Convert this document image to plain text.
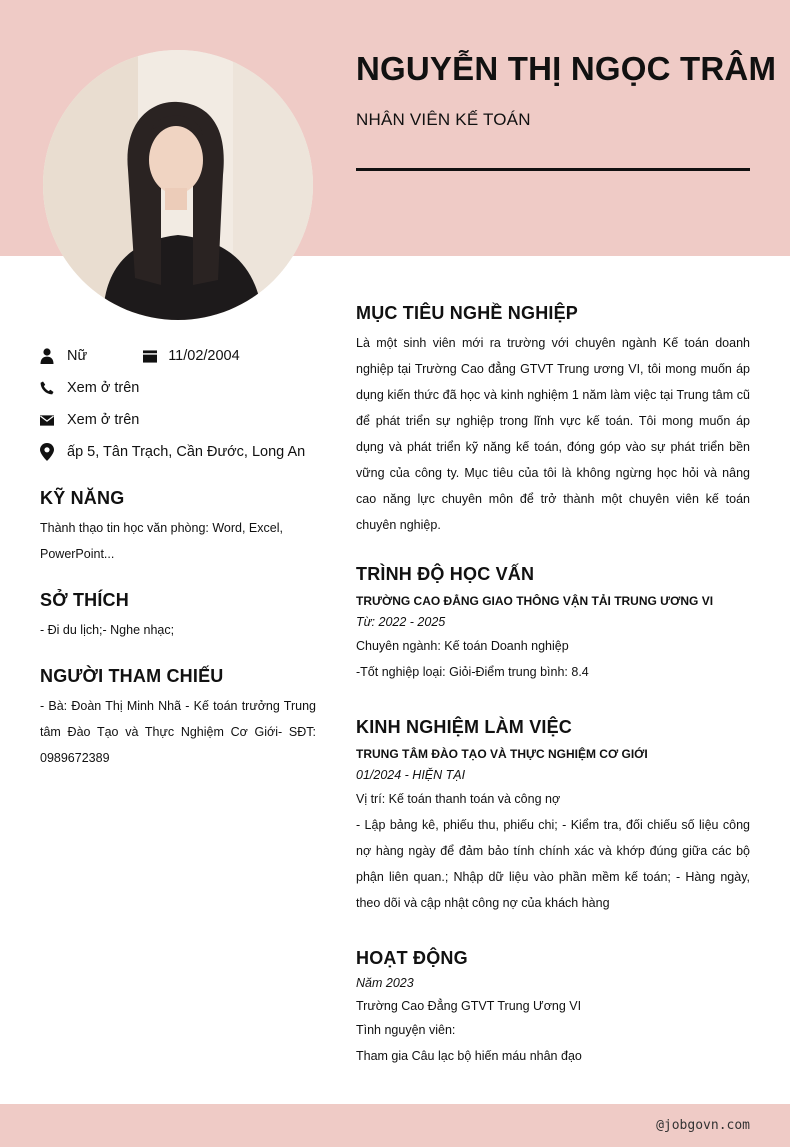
NGUYỄN THỊ NGỌC TRÂM
NHÂN VIÊN KẾ TOÁN
Nữ	11/02/2004
Xem ở trên
Xem ở trên
ấp 5, Tân Trạch, Cần Đước, Long An
KỸ NĂNG
Thành thạo tin học văn phòng: Word, Excel, PowerPoint...
SỞ THÍCH
- Đi du lịch;- Nghe nhạc;
NGƯỜI THAM CHIẾU
- Bà: Đoàn Thị Minh Nhã - Kế toán trưởng Trung tâm Đào Tạo và Thực Nghiệm Cơ Giới- SĐT: 0989672389
MỤC TIÊU NGHỀ NGHIỆP
Là một sinh viên mới ra trường với chuyên ngành Kế toán doanh nghiệp tại Trường Cao đẳng GTVT Trung ương VI, tôi mong muốn áp dụng kiến thức đã học và kinh nghiệm 1 năm làm việc tại Trung tâm cũ để phát triển sự nghiệp trong lĩnh vực kế toán. Tôi mong muốn áp dụng và phát triển kỹ năng kế toán, đóng góp vào sự phát triển bền vững của công ty. Mục tiêu của tôi là không ngừng học hỏi và nâng cao năng lực chuyên môn để trở thành một chuyên viên kế toán chuyên nghiệp.
TRÌNH ĐỘ HỌC VẤN
TRƯỜNG CAO ĐẲNG GIAO THÔNG VẬN TẢI TRUNG ƯƠNG VI
Từ: 2022 - 2025
Chuyên ngành: Kế toán Doanh nghiệp
-Tốt nghiệp loại: Giỏi-Điểm trung bình: 8.4
KINH NGHIỆM LÀM VIỆC
TRUNG TÂM ĐÀO TẠO VÀ THỰC NGHIỆM CƠ GIỚI
01/2024 - HIỆN TẠI
Vị trí: Kế toán thanh toán và công nợ
- Lập bảng kê, phiếu thu, phiếu chi; - Kiểm tra, đối chiếu số liệu công nợ hàng ngày để đảm bảo tính chính xác và khớp đúng giữa các bộ phận liên quan.; Nhập dữ liệu vào phần mềm kế toán; - Hàng ngày, theo dõi và cập nhật công nợ của khách hàng
HOẠT ĐỘNG
Năm 2023
Trường Cao Đẳng GTVT Trung Ương VI
Tình nguyện viên:
Tham gia Câu lạc bộ hiến máu nhân đạo
@jobgovn.com
